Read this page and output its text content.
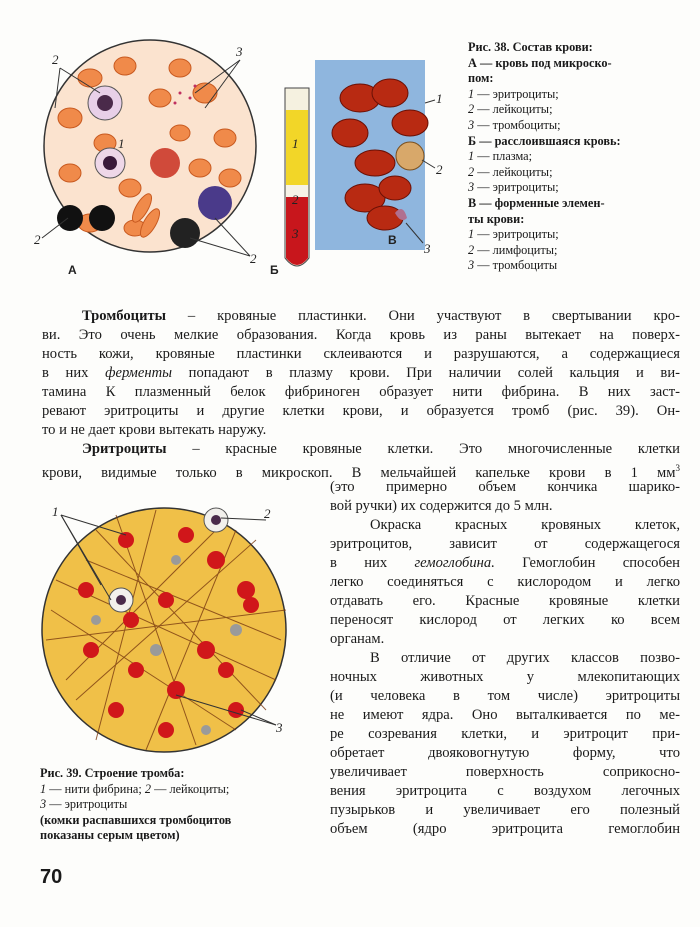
2
3
2
2
1
А
1
2
3
Б
1
2
3
В
Рис. 38. Состав крови:
А — кровь под микроско-
пом:
1 — эритроциты;
2 — лейкоциты;
3 — тромбоциты;
Б — расслоившаяся кровь:
1 — плазма;
2 — лейкоциты;
3 — эритроциты;
В — форменные элемен-
ты крови:
1 — эритроциты;
2 — лимфоциты;
3 — тромбоциты
Тромбоциты – кровяные пластинки. Они участвуют в свертывании кро-
ви. Это очень мелкие образования. Когда кровь из раны вытекает на поверх-
ность кожи, кровяные пластинки склеиваются и разрушаются, а содержащиеся
в них ферменты попадают в плазму крови. При наличии солей кальция и ви-
тамина К плазменный белок фибриноген образует нити фибрина. В них заст-
ревают эритроциты и другие клетки крови, и образуется тромб (рис. 39). Он-
то и не дает крови вытекать наружу.
Эритроциты – красные кровяные клетки. Это многочисленные клетки
крови, видимые только в микроскоп. В мельчайшей капельке крови в 1 $мм^3$
(это примерно объем кончика шарико-
вой ручки) их содержится до 5 млн.
Окраска красных кровяных клеток,
эритроцитов, зависит от содержащегося
в них гемоглобина. Гемоглобин способен
легко соединяться с кислородом и легко
отдавать его. Красные кровяные клетки
переносят кислород от легких ко всем
органам.
В отличие от других классов позво-
ночных животных у млекопитающих
(и человека в том числе) эритроциты
не имеют ядра. Оно выталкивается по ме-
ре созревания клетки, и эритроцит при-
обретает двояковогнутую форму, что
увеличивает поверхность соприкосно-
вения эритроцита с воздухом легочных
пузырьков и увеличивает его полезный
объем (ядро эритроцита гемоглобин
1	2
3
Рис. 39. Строение тромба:
1 — нити фибрина; 2 — лейкоциты;
3 — эритроциты
(комки распавшихся тромбоцитов
показаны серым цветом)
70
